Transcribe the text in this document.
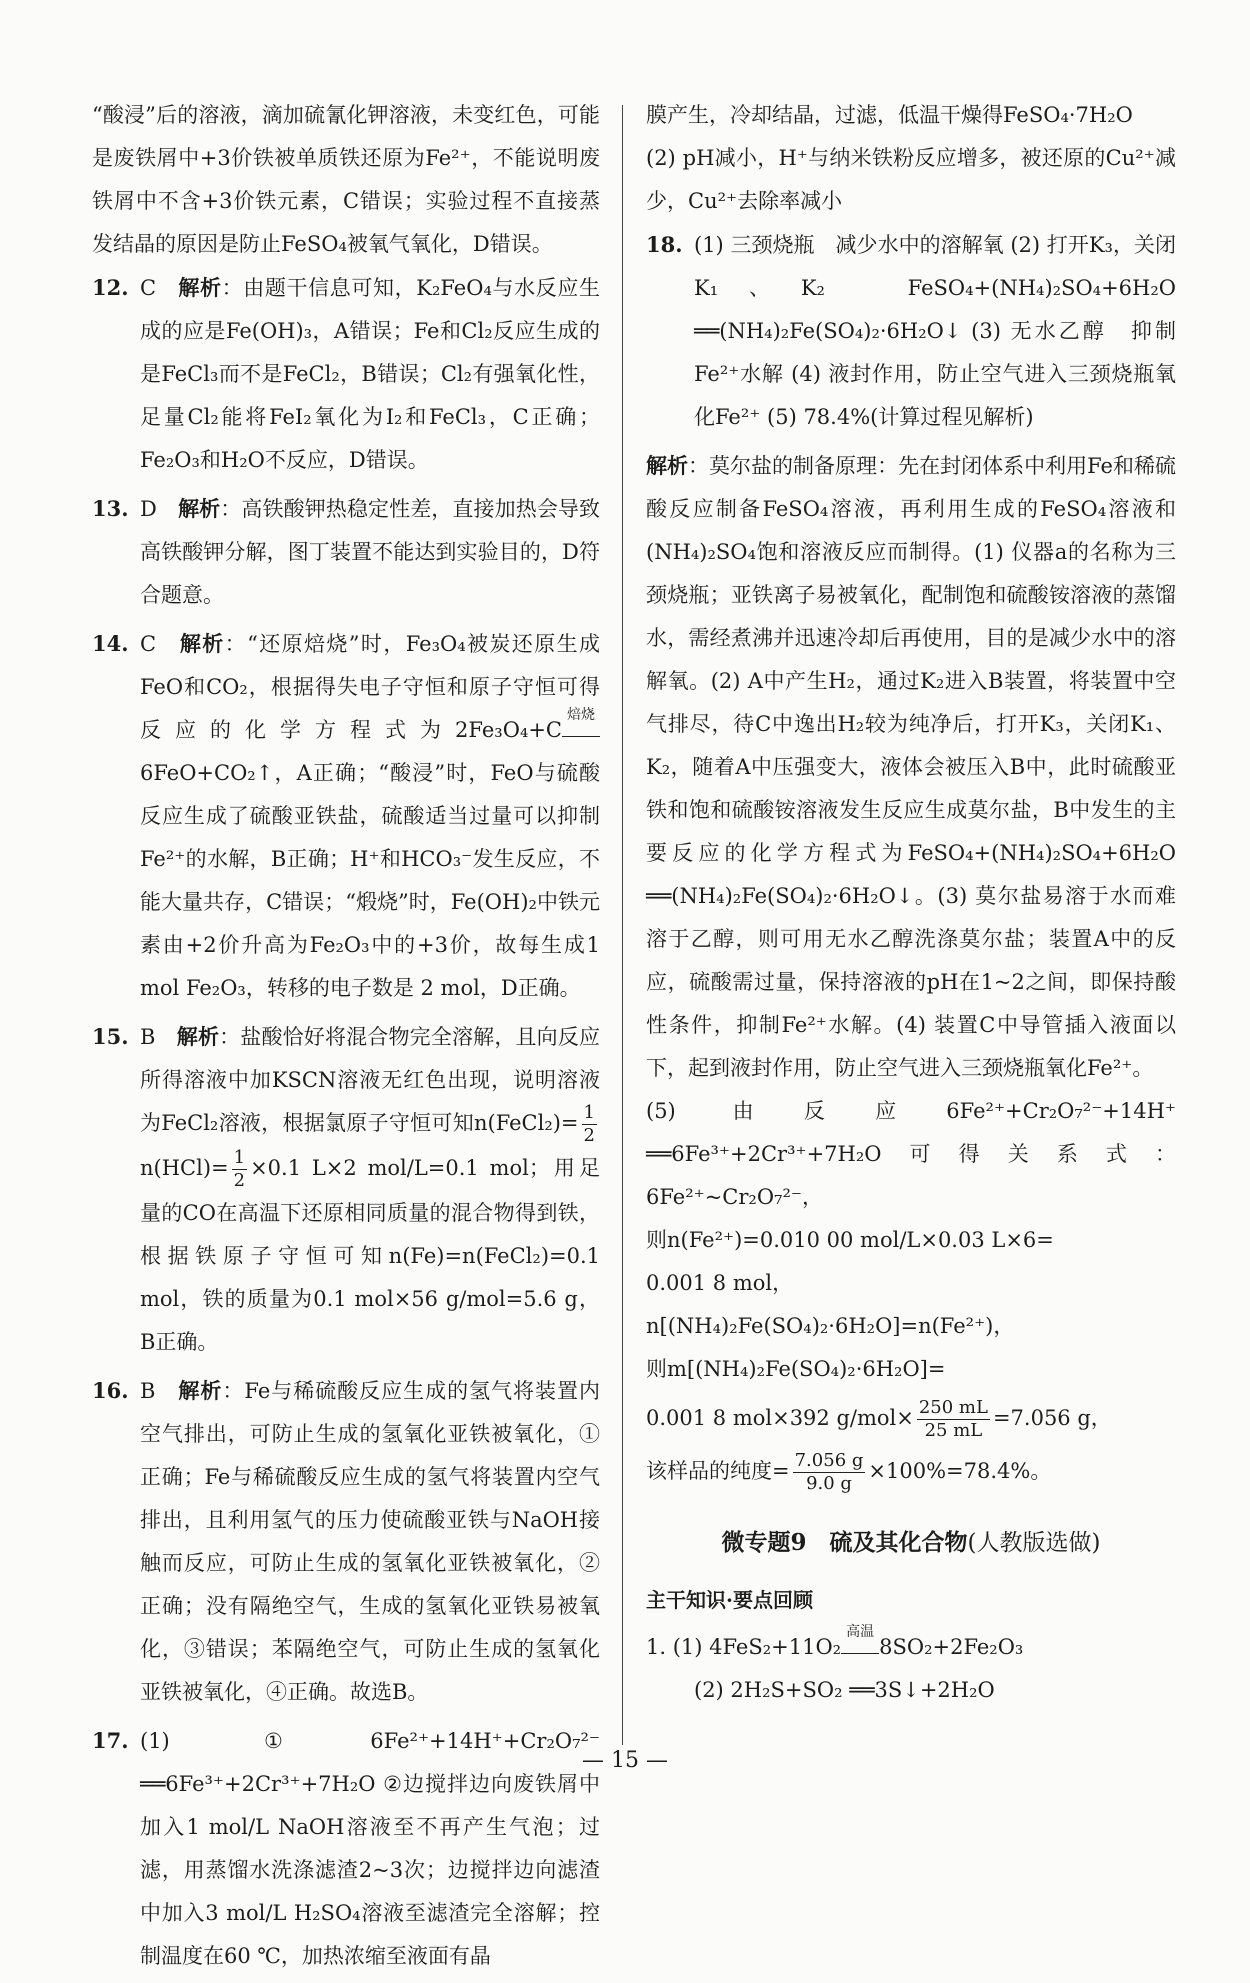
“酸浸”后的溶液，滴加硫氰化钾溶液，未变红色，可能是废铁屑中+3价铁被单质铁还原为Fe²⁺，不能说明废铁屑中不含+3价铁元素，C错误；实验过程不直接蒸发结晶的原因是防止FeSO₄被氧气氧化，D错误。

12. C　 解析：由题干信息可知，K₂FeO₄与水反应生成的应是Fe(OH)₃，A错误；Fe和Cl₂反应生成的是FeCl₃而不是FeCl₂，B错误；Cl₂有强氧化性，足量Cl₂能将FeI₂氧化为I₂和FeCl₃，C正确；Fe₂O₃和H₂O不反应，D错误。

13. D　 解析：高铁酸钾热稳定性差，直接加热会导致高铁酸钾分解，图丁装置不能达到实验目的，D符合题意。

14. C　 解析：“还原焙烧”时，Fe₃O₄被炭还原生成FeO和CO₂，根据得失电子守恒和原子守恒可得反应的化学方程式为2Fe₃O₄+C
焙烧
6FeO+CO₂↑，A正确；“酸浸”时，FeO与硫酸反应生成了硫酸亚铁盐，硫酸适当过量可以抑制Fe²⁺的水解，B正确；H⁺和HCO₃⁻发生反应，不能大量共存，C错误；“煅烧”时，Fe(OH)₂中铁元素由+2价升高为Fe₂O₃中的+3价，故每生成1 mol Fe₂O₃，转移的电子数是 2 mol，D正确。

15. B　 解析：盐酸恰好将混合物完全溶解，且向反应所得溶液中加KSCN溶液无红色出现，说明溶液为FeCl₂溶液，根据氯原子守恒可知n(FeCl₂)= $\frac{1}{2}$
$n(HCl)= \frac{1}{2} \times 0.1$ L×2 mol/L=0.1 mol；用足量的CO在高温下还原相同质量的混合物得到铁，根据铁原子守恒可知n(Fe)=n(FeCl₂)=0.1 mol，铁的质量为0.1 mol×56 g/mol=5.6 g，B正确。

16. B　 解析：Fe与稀硫酸反应生成的氢气将装置内空气排出，可防止生成的氢氧化亚铁被氧化，①正确；Fe与稀硫酸反应生成的氢气将装置内空气排出，且利用氢气的压力使硫酸亚铁与NaOH接触而反应，可防止生成的氢氧化亚铁被氧化，②正确；没有隔绝空气，生成的氢氧化亚铁易被氧化，③错误；苯隔绝空气，可防止生成的氢氧化亚铁被氧化，④正确。故选B。

17. (1) ①6Fe²⁺+14H⁺+Cr₂O₇²⁻ ══6Fe³⁺+2Cr³⁺+7H₂O ②边搅拌边向废铁屑中加入1 mol/L NaOH溶液至不再产生气泡；过滤，用蒸馏水洗涤滤渣2~3次；边搅拌边向滤渣中加入3 mol/L H₂SO₄溶液至滤渣完全溶解；控制温度在60 ℃，加热浓缩至液面有晶

膜产生，冷却结晶，过滤，低温干燥得FeSO₄·7H₂O

(2) pH减小，H⁺与纳米铁粉反应增多，被还原的Cu²⁺减少，Cu²⁺去除率减小

18. (1) 三颈烧瓶　减少水中的溶解氧 (2) 打开K₃，关闭K₁、K₂　FeSO₄+(NH₄)₂SO₄+6H₂O ══(NH₄)₂Fe(SO₄)₂·6H₂O↓ (3) 无水乙醇　抑制Fe²⁺水解 (4) 液封作用，防止空气进入三颈烧瓶氧化Fe²⁺ (5) 78.4%(计算过程见解析)

解析：莫尔盐的制备原理：先在封闭体系中利用Fe和稀硫酸反应制备FeSO₄溶液，再利用生成的FeSO₄溶液和(NH₄)₂SO₄饱和溶液反应而制得。(1) 仪器a的名称为三颈烧瓶；亚铁离子易被氧化，配制饱和硫酸铵溶液的蒸馏水，需经煮沸并迅速冷却后再使用，目的是减少水中的溶解氧。(2) A中产生H₂，通过K₂进入B装置，将装置中空气排尽，待C中逸出H₂较为纯净后，打开K₃，关闭K₁、K₂，随着A中压强变大，液体会被压入B中，此时硫酸亚铁和饱和硫酸铵溶液发生反应生成莫尔盐，B中发生的主要反应的化学方程式为FeSO₄+(NH₄)₂SO₄+6H₂O ══(NH₄)₂Fe(SO₄)₂·6H₂O↓。(3) 莫尔盐易溶于水而难溶于乙醇，则可用无水乙醇洗涤莫尔盐；装置A中的反应，硫酸需过量，保持溶液的pH在1~2之间，即保持酸性条件，抑制Fe²⁺水解。(4) 装置C中导管插入液面以下，起到液封作用，防止空气进入三颈烧瓶氧化Fe²⁺。

(5) 由反应6Fe²⁺+Cr₂O₇²⁻+14H⁺ ══6Fe³⁺+2Cr³⁺+7H₂O可得关系式：6Fe²⁺~Cr₂O₇²⁻，

则n(Fe²⁺)=0.010 00 mol/L×0.03 L×6=

0.001 8 mol，

n[(NH₄)₂Fe(SO₄)₂·6H₂O]=n(Fe²⁺)，

则m[(NH₄)₂Fe(SO₄)₂·6H₂O]=

0.001 8 mol×392 $g/mol\times \frac{250 mL}{25 mL} =7.056$ g，

该样品的纯度= $\frac{7.056 g}{9.0 g} \times 100\%=78.4\%$。

微专题9　硫及其化合物(人教版选做)

主干知识·要点回顾

1. (1) 4FeS₂+11O₂
高温
8SO₂+2Fe₂O₃

(2) 2H₂S+SO₂ ══3S↓+2H₂O

— 15 —
